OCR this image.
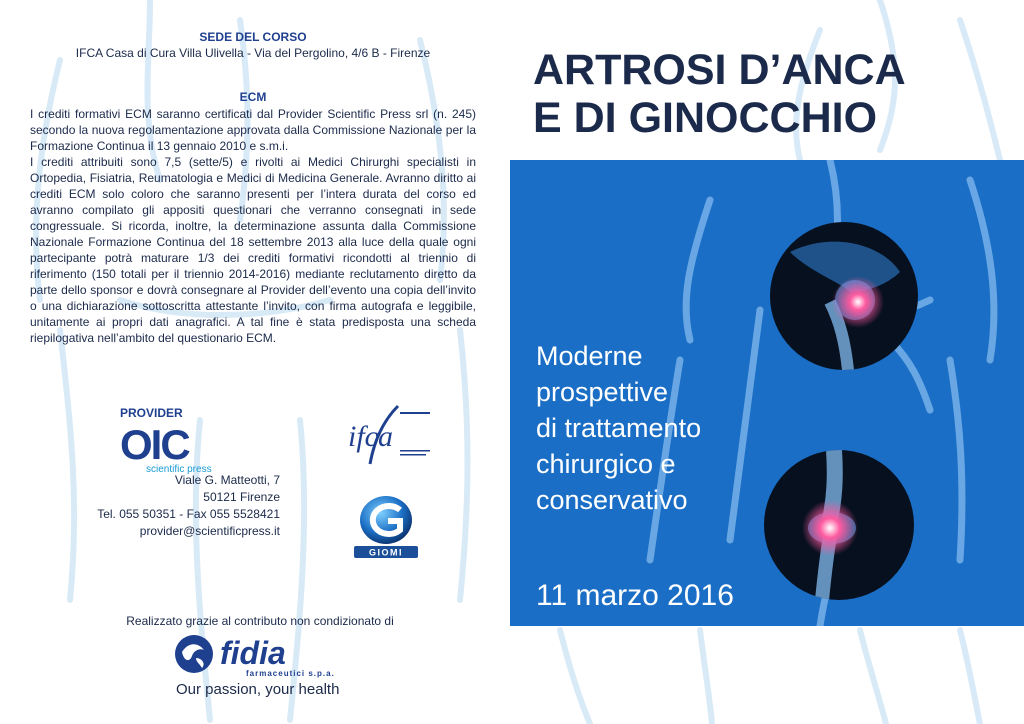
SEDE DEL CORSO

IFCA Casa di Cura Villa Ulivella - Via del Pergolino, 4/6 B - Firenze

ECM

I crediti formativi ECM saranno certificati dal Provider Scientific Press srl (n. 245) secondo la nuova regolamentazione approvata dalla Commissione Nazionale per la Formazione Continua il 13 gennaio 2010 e s.m.i.

I crediti attribuiti sono 7,5 (sette/5) e rivolti ai Medici Chirurghi specialisti in Ortopedia, Fisiatria, Reumatologia e Medici di Medicina Generale. Avranno diritto ai crediti ECM solo coloro che saranno presenti per l’intera durata del corso ed avranno compilato gli appositi questionari che verranno consegnati in sede congressuale. Si ricorda, inoltre, la determinazione assunta dalla Commissione Nazionale Formazione Continua del 18 settembre 2013 alla luce della quale ogni partecipante potrà maturare 1/3 dei crediti formativi ricondotti al triennio di riferimento (150 totali per il triennio 2014-2016) mediante reclutamento diretto da parte dello sponsor e dovrà consegnare al Provider dell’evento una copia dell’invito o una dichiarazione sottoscritta attestante l’invito, con firma autografa e leggibile, unitamente ai propri dati anagrafici. A tal fine è stata predisposta una scheda riepilogativa nell’ambito del questionario ECM.

PROVIDER
OIC
scientific press
Viale G. Matteotti, 7
50121 Firenze
Tel. 055 50351 - Fax 055 5528421
provider@scientificpress.it
ifca
GIOMI
Realizzato grazie al contributo non condizionato di
fidia
farmaceutici s.p.a.
Our passion, your health
ARTROSI D’ANCA
E DI GINOCCHIO
Moderne
prospettive
di trattamento
chirurgico e
conservativo
11 marzo 2016
